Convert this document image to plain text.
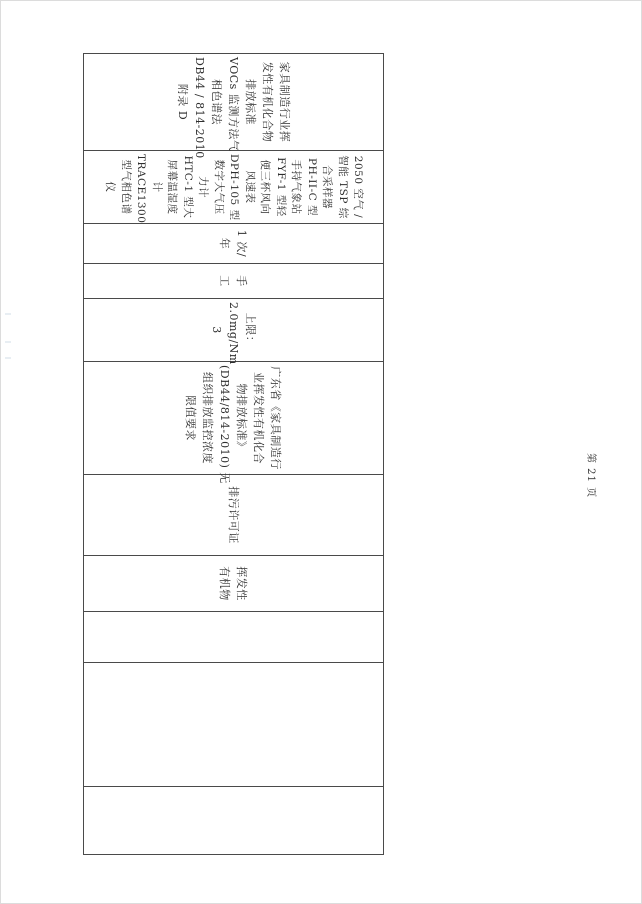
家具制造行业挥
发性有机化合物
排放标准
VOCs 监测方法气
相色谱法
DB44 / 814-2010
附录 D

2050 空气 /
智能 TSP 综
合采样器
PH-II-C 型
手持气象站
FYF-1 型轻
便三杯风向
风速表
DPH-105 型
数字大气压
力计
HTC-1 型大
屏幕温湿度
计
TRACE1300
型气相色谱
仪

1 次/
年

手
工

上限：
2.0mg/Nm
3

广东省《家具制造行
业挥发性有机化合
物排放标准》
(DB44/814-2010) 无
组织排放监控浓度
限值要求

排污许可证

挥发性
有机物

第 21 页
